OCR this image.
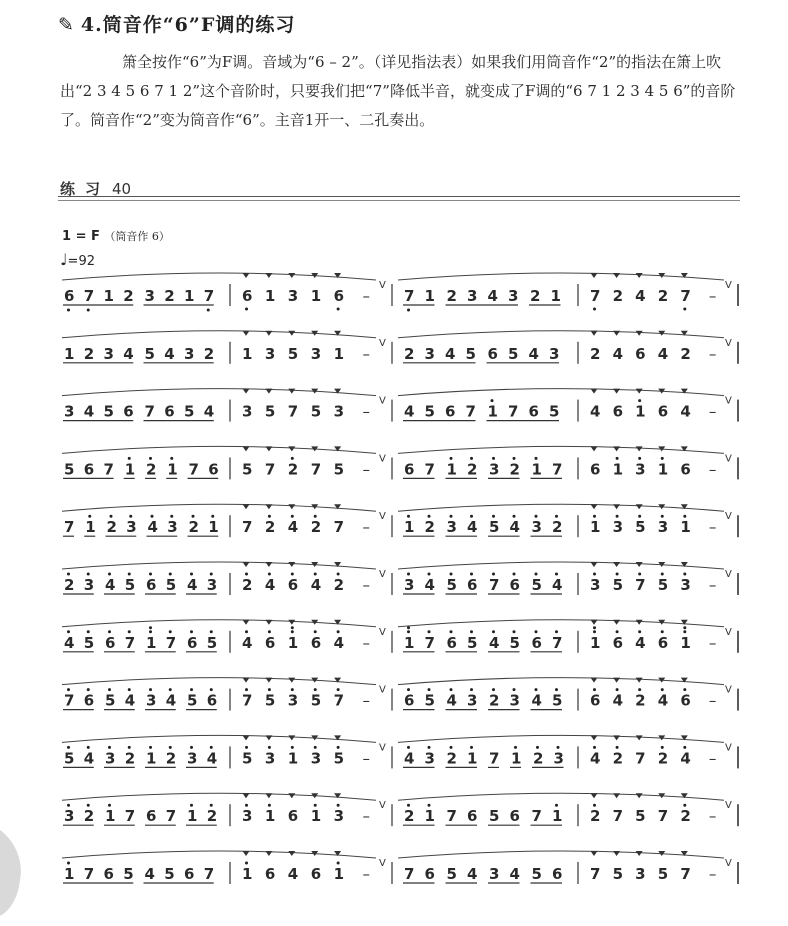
✎ 4.筒音作“6”F调的练习
箫全按作“6”为F调。音域为“6 – 2”。（详见指法表）如果我们用筒音作“2”的指法在箫上吹出“2 3 4 5 6 7 1 2”这个音阶时，只要我们把“7”降低半音，就变成了F调的“6 7 1 2 3 4 5 6”的音阶了。筒音作“2”变为筒音作“6”。主音1开一、二孔奏出。
练习 40
1 = F （筒音作 6）
♩=92
6 7 1 2 3 2 1 7	–
V
6 1 3 1 6	7 1 2 3 4 3 2 1	–
V
7 2 4 2 7
1 2 3 4 5 4 3 2	–
V
1 3 5 3 1	2 3 4 5 6 5 4 3	–
V
2 4 6 4 2
3 4 5 6 7 6 5 4	–
V
3 5 7 5 3	4 5 6 7 1 7 6 5	–
V
4 6 1 6 4
5 6 7 1 2 1 7 6	–
V
5 7 2 7 5	6 7 1 2 3 2 1 7	–
V
6 1 3 1 6
7 1 2 3 4 3 2 1	–
V
7 2 4 2 7	1 2 3 4 5 4 3 2	–
V
1 3 5 3 1
2 3 4 5 6 5 4 3	–
V
2 4 6 4 2	3 4 5 6 7 6 5 4	–
V
3 5 7 5 3
4 5 6 7 1 7 6 5	–
V
4 6 1 6 4	1 7 6 5 4 5 6 7	–
V
1 6 4 6 1
7 6 5 4 3 4 5 6	–
V
7 5 3 5 7	6 5 4 3 2 3 4 5	–
V
6 4 2 4 6
5 4 3 2 1 2 3 4	–
V
5 3 1 3 5	4 3 2 1 7 1 2 3	–
V
4 2 7 2 4
3 2 1 7 6 7 1 2	–
V
3 1 6 1 3	2 1 7 6 5 6 7 1	–
V
2 7 5 7 2
1 7 6 5 4 5 6 7	–
V
1 6 4 6 1	7 6 5 4 3 4 5 6	–
V
7 5 3 5 7
